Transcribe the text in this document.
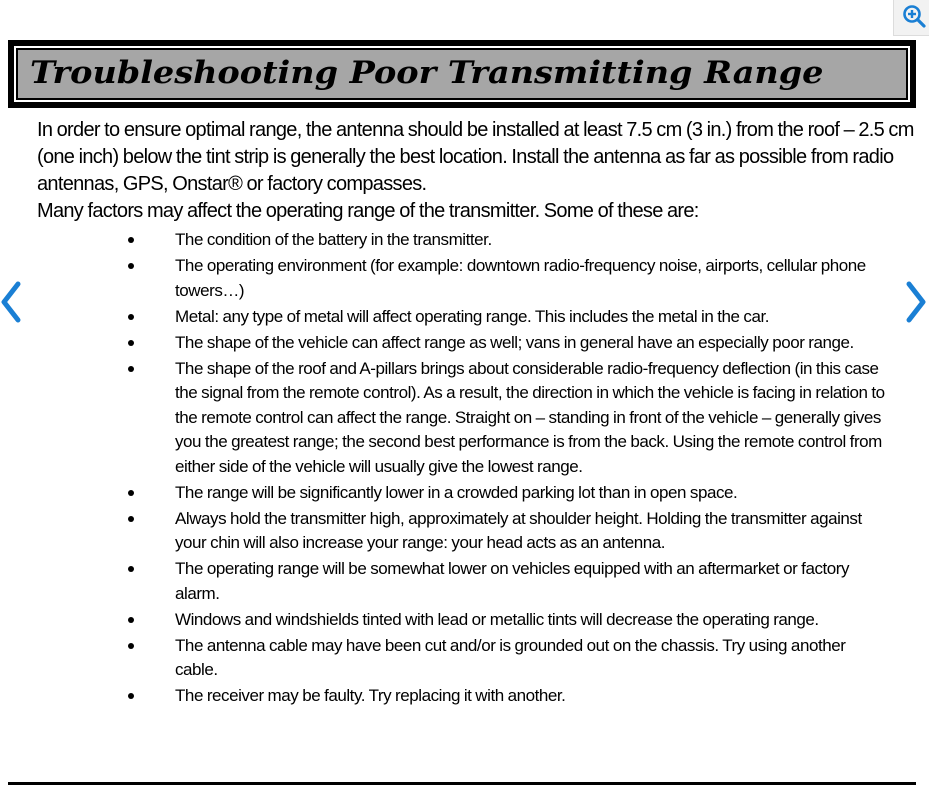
Troubleshooting Poor Transmitting Range

In order to ensure optimal range, the antenna should be installed at least 7.5 cm (3 in.) from the roof – 2.5 cm (one inch) below the tint strip is generally the best location. Install the antenna as far as possible from radio antennas, GPS, Onstar® or factory compasses.

Many factors may affect the operating range of the transmitter. Some of these are:

The condition of the battery in the transmitter.
The operating environment (for example: downtown radio-frequency noise, airports, cellular phone towers…)
Metal: any type of metal will affect operating range. This includes the metal in the car.
The shape of the vehicle can affect range as well; vans in general have an especially poor range.
The shape of the roof and A-pillars brings about considerable radio-frequency deflection (in this case the signal from the remote control). As a result, the direction in which the vehicle is facing in relation to the remote control can affect the range. Straight on – standing in front of the vehicle – generally gives you the greatest range; the second best performance is from the back. Using the remote control from either side of the vehicle will usually give the lowest range.
The range will be significantly lower in a crowded parking lot than in open space.
Always hold the transmitter high, approximately at shoulder height. Holding the transmitter against your chin will also increase your range: your head acts as an antenna.
The operating range will be somewhat lower on vehicles equipped with an aftermarket or factory alarm.
Windows and windshields tinted with lead or metallic tints will decrease the operating range.
The antenna cable may have been cut and/or is grounded out on the chassis. Try using another cable.
The receiver may be faulty. Try replacing it with another.
